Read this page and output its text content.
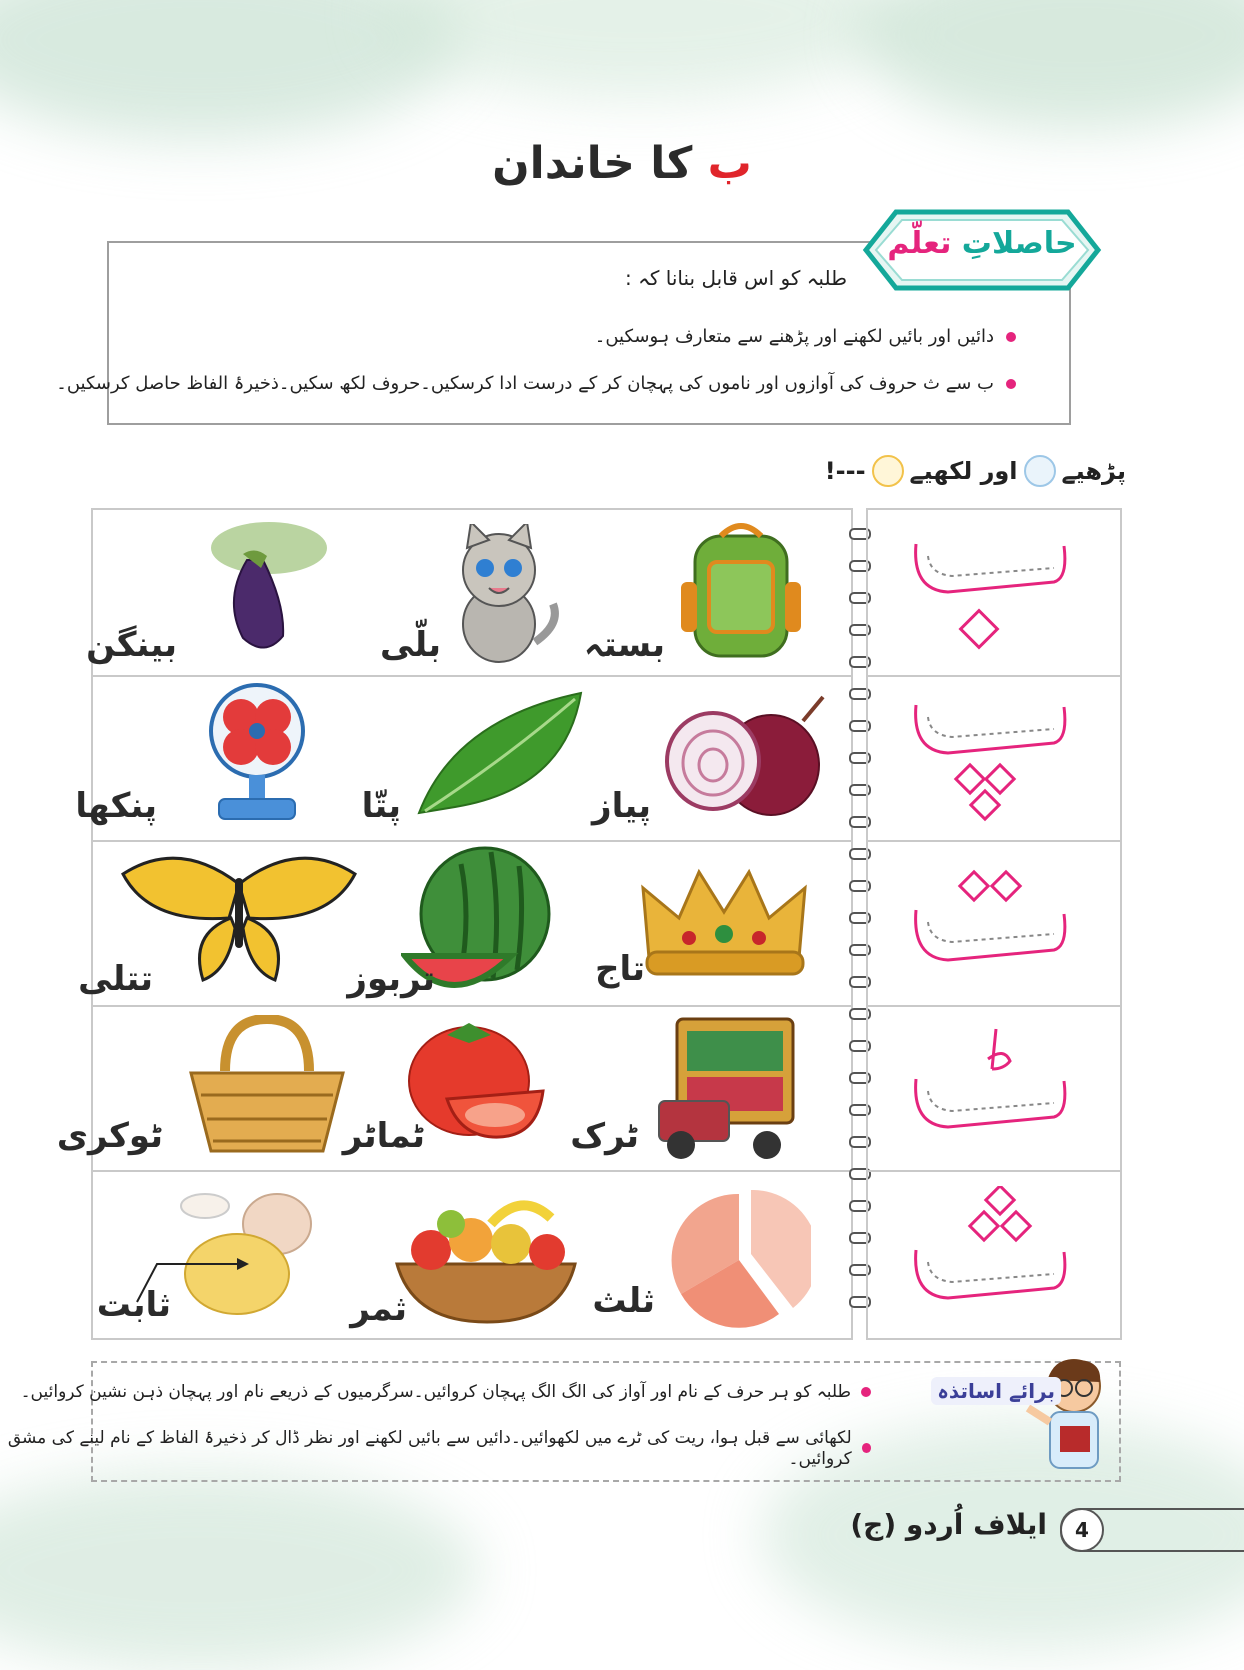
ب کا خاندان
حاصلاتِ تعلّم
طلبہ کو اس قابل بنانا کہ :
دائیں اور بائیں لکھنے اور پڑھنے سے متعارف ہوسکیں۔
ب سے ث حروف کی آوازوں اور ناموں کی پہچان کر کے درست ادا کرسکیں۔حروف لکھ سکیں۔ذخیرۂ الفاظ حاصل کرسکیں۔
پڑھیے
اور لکھیے
---!
بستہ
بلّی
بینگن
پیاز
پتّا
پنکھا
تاج
تربوز
تتلی
ٹرک
ٹماٹر
ٹوکری
ثلث
ثمر
ثابت
برائے اساتذہ
طلبہ کو ہر حرف کے نام اور آواز کی الگ الگ پہچان کروائیں۔سرگرمیوں کے ذریعے نام اور پہچان ذہن نشین کروائیں۔
لکھائی سے قبل ہوا، ریت کی ٹرے میں لکھوائیں۔دائیں سے بائیں لکھنے اور نظر ڈال کر ذخیرۂ الفاظ کے نام لینے کی مشق کروائیں۔
4
ایلاف اُردو (ج)
